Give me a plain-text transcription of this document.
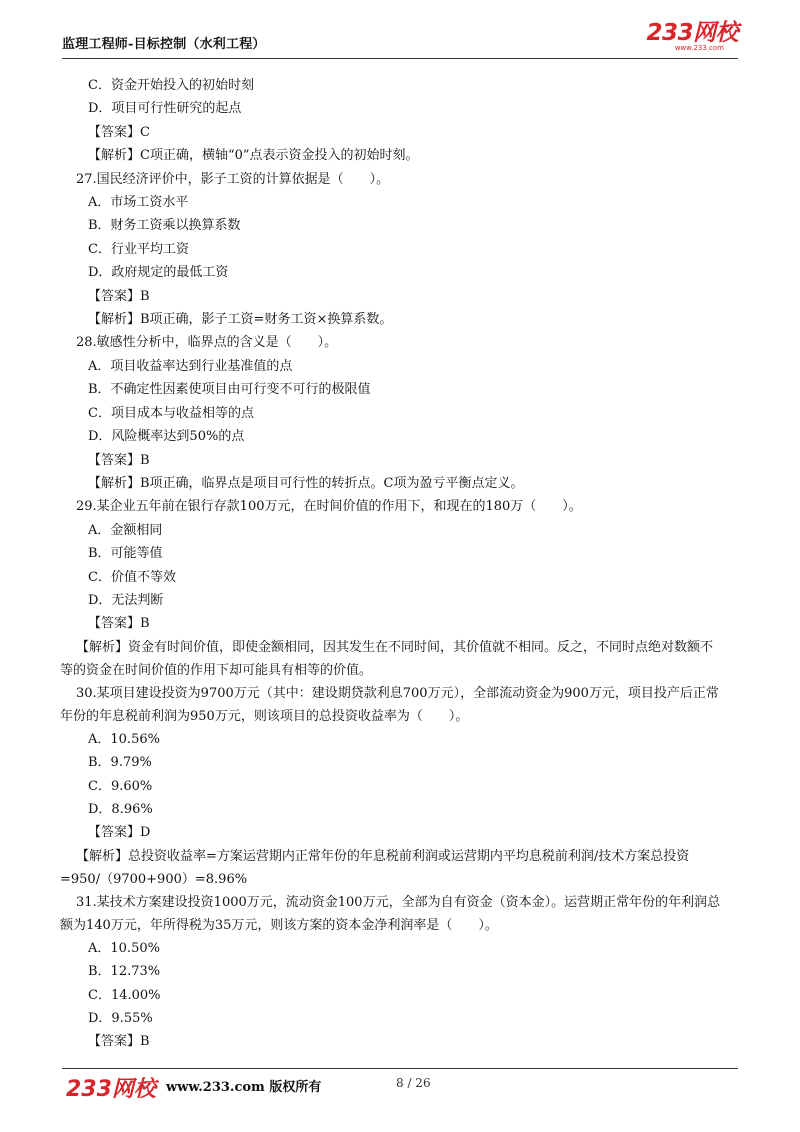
监理工程师-目标控制（水利工程）	233网校
www.233.com
C．资金开始投入的初始时刻
D．项目可行性研究的起点
【答案】C
【解析】C项正确，横轴“0”点表示资金投入的初始时刻。
27.国民经济评价中，影子工资的计算依据是（　　）。
A．市场工资水平
B．财务工资乘以换算系数
C．行业平均工资
D．政府规定的最低工资
【答案】B
【解析】B项正确，影子工资=财务工资×换算系数。
28.敏感性分析中，临界点的含义是（　　）。
A．项目收益率达到行业基准值的点
B．不确定性因素使项目由可行变不可行的极限值
C．项目成本与收益相等的点
D．风险概率达到50%的点
【答案】B
【解析】B项正确，临界点是项目可行性的转折点。C项为盈亏平衡点定义。
29.某企业五年前在银行存款100万元，在时间价值的作用下，和现在的180万（　　）。
A．金额相同
B．可能等值
C．价值不等效
D．无法判断
【答案】B
【解析】资金有时间价值，即使金额相同，因其发生在不同时间，其价值就不相同。反之，不同时点绝对数额不等的资金在时间价值的作用下却可能具有相等的价值。
30.某项目建设投资为9700万元（其中：建设期贷款利息700万元），全部流动资金为900万元，项目投产后正常年份的年息税前利润为950万元，则该项目的总投资收益率为（　　）。
A．10.56%
B．9.79%
C．9.60%
D．8.96%
【答案】D
【解析】总投资收益率=方案运营期内正常年份的年息税前利润或运营期内平均息税前利润/技术方案总投资=950/（9700+900）=8.96%
31.某技术方案建设投资1000万元，流动资金100万元，全部为自有资金（资本金）。运营期正常年份的年利润总额为140万元，年所得税为35万元，则该方案的资本金净利润率是（　　）。
A．10.50%
B．12.73%
C．14.00%
D．9.55%
【答案】B
233网校 www.233.com 版权所有	8 / 26
